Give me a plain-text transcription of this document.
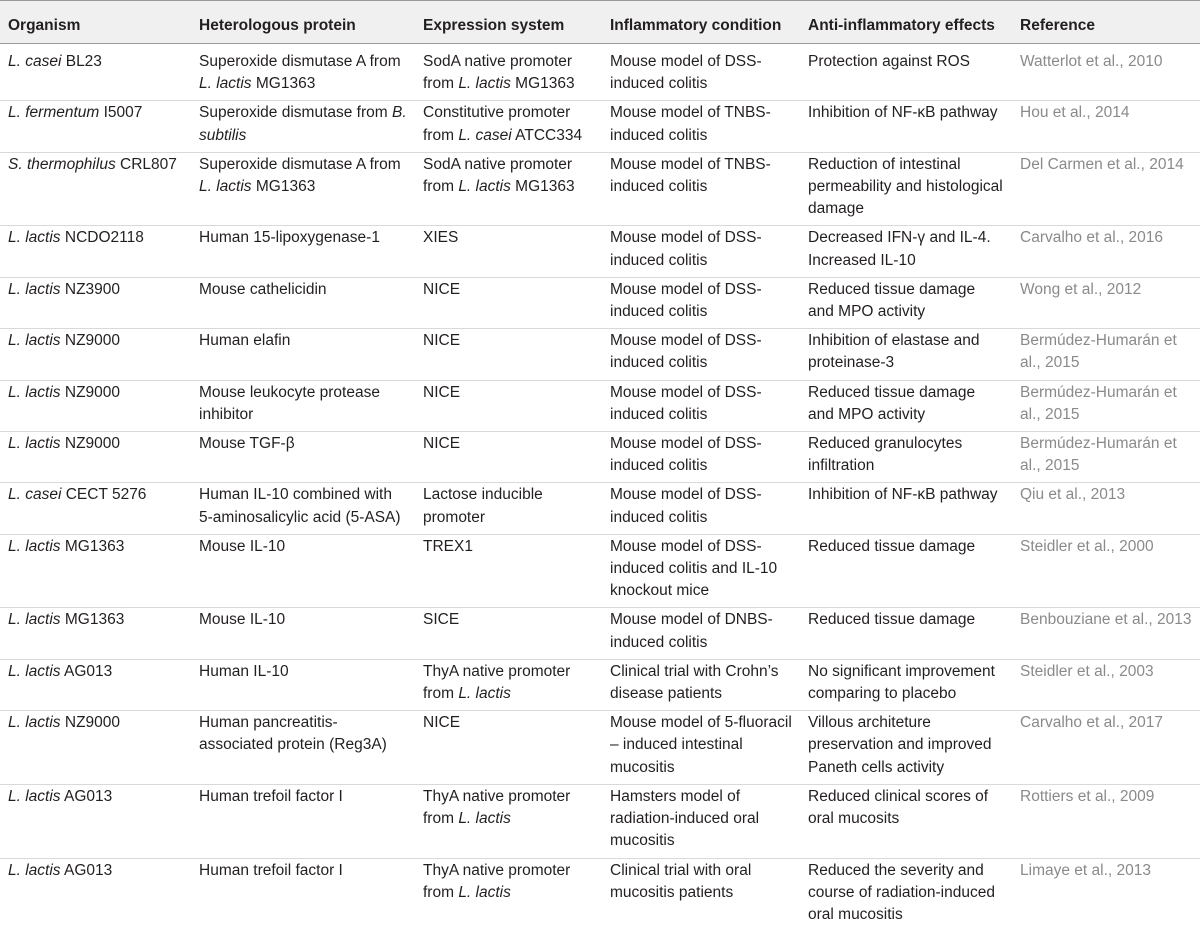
Organism	Heterologous protein	Expression system	Inflammatory condition	Anti-inflammatory effects	Reference
L. casei BL23	Superoxide dismutase A from L. lactis MG1363	SodA native promoter from L. lactis MG1363	Mouse model of DSS-induced colitis	Protection against ROS	Watterlot et al., 2010
L. fermentum I5007	Superoxide dismutase from B. subtilis	Constitutive promoter from L. casei ATCC334	Mouse model of TNBS-induced colitis	Inhibition of NF-κB pathway	Hou et al., 2014
S. thermophilus CRL807	Superoxide dismutase A from L. lactis MG1363	SodA native promoter from L. lactis MG1363	Mouse model of TNBS-induced colitis	Reduction of intestinal permeability and histological damage	Del Carmen et al., 2014
L. lactis NCDO2118	Human 15-lipoxygenase-1	XIES	Mouse model of DSS-induced colitis	Decreased IFN-γ and IL-4. Increased IL-10	Carvalho et al., 2016
L. lactis NZ3900	Mouse cathelicidin	NICE	Mouse model of DSS-induced colitis	Reduced tissue damage and MPO activity	Wong et al., 2012
L. lactis NZ9000	Human elafin	NICE	Mouse model of DSS-induced colitis	Inhibition of elastase and proteinase-3	Bermúdez-Humarán et al., 2015
L. lactis NZ9000	Mouse leukocyte protease inhibitor	NICE	Mouse model of DSS-induced colitis	Reduced tissue damage and MPO activity	Bermúdez-Humarán et al., 2015
L. lactis NZ9000	Mouse TGF-β	NICE	Mouse model of DSS-induced colitis	Reduced granulocytes infiltration	Bermúdez-Humarán et al., 2015
L. casei CECT 5276	Human IL-10 combined with 5-aminosalicylic acid (5-ASA)	Lactose inducible promoter	Mouse model of DSS-induced colitis	Inhibition of NF-κB pathway	Qiu et al., 2013
L. lactis MG1363	Mouse IL-10	TREX1	Mouse model of DSS-induced colitis and IL-10 knockout mice	Reduced tissue damage	Steidler et al., 2000
L. lactis MG1363	Mouse IL-10	SICE	Mouse model of DNBS-induced colitis	Reduced tissue damage	Benbouziane et al., 2013
L. lactis AG013	Human IL-10	ThyA native promoter from L. lactis	Clinical trial with Crohn’s disease patients	No significant improvement comparing to placebo	Steidler et al., 2003
L. lactis NZ9000	Human pancreatitis-associated protein (Reg3A)	NICE	Mouse model of 5-fluoracil – induced intestinal mucositis	Villous architeture preservation and improved Paneth cells activity	Carvalho et al., 2017
L. lactis AG013	Human trefoil factor I	ThyA native promoter from L. lactis	Hamsters model of radiation-induced oral mucositis	Reduced clinical scores of oral mucosits	Rottiers et al., 2009
L. lactis AG013	Human trefoil factor I	ThyA native promoter from L. lactis	Clinical trial with oral mucositis patients	Reduced the severity and course of radiation-induced oral mucositis	Limaye et al., 2013
